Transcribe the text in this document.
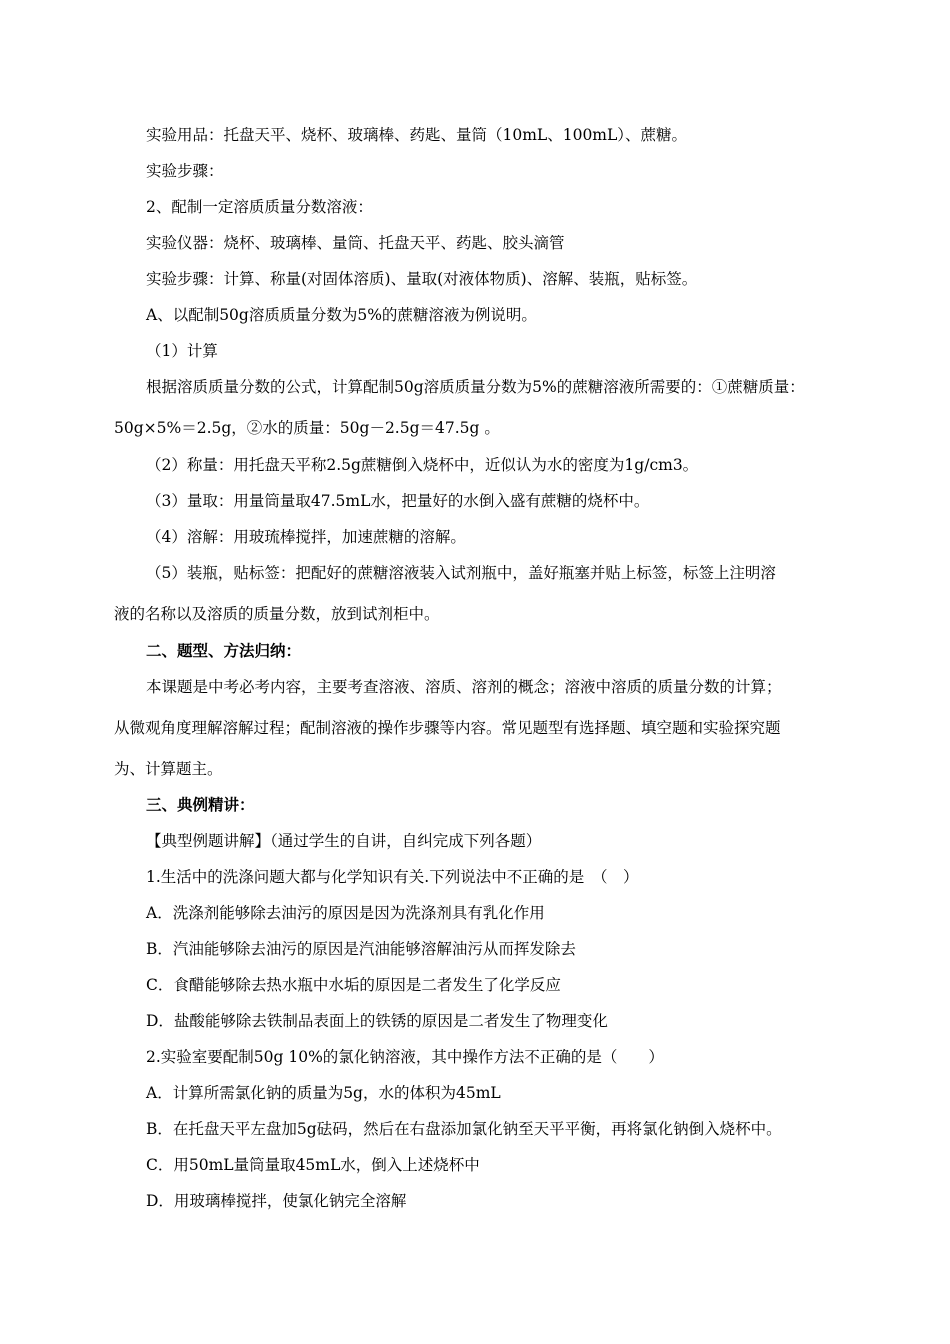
实验用品：托盘天平、烧杯、玻璃棒、药匙、量筒（10mL、100mL）、蔗糖。
实验步骤：
2、配制一定溶质质量分数溶液：
实验仪器：烧杯、玻璃棒、量筒、托盘天平、药匙、胶头滴管
实验步骤：计算、称量(对固体溶质)、量取(对液体物质)、溶解、装瓶，贴标签。
A、以配制50g溶质质量分数为5%的蔗糖溶液为例说明。
（1）计算
根据溶质质量分数的公式，计算配制50g溶质质量分数为5%的蔗糖溶液所需要的：①蔗糖质量：
50g×5%＝2.5g，②水的质量：50g－2.5g＝47.5g 。
（2）称量：用托盘天平称2.5g蔗糖倒入烧杯中，近似认为水的密度为1g/cm3。
（3）量取：用量筒量取47.5mL水，把量好的水倒入盛有蔗糖的烧杯中。
（4）溶解：用玻琉棒搅拌，加速蔗糖的溶解。
（5）装瓶，贴标签：把配好的蔗糖溶液装入试剂瓶中，盖好瓶塞并贴上标签，标签上注明溶
液的名称以及溶质的质量分数，放到试剂柜中。
二、题型、方法归纳：
本课题是中考必考内容，主要考查溶液、溶质、溶剂的概念；溶液中溶质的质量分数的计算；
从微观角度理解溶解过程；配制溶液的操作步骤等内容。常见题型有选择题、填空题和实验探究题
为、计算题主。
三、典例精讲：
【典型例题讲解】（通过学生的自讲，自纠完成下列各题）
1.生活中的洗涤问题大都与化学知识有关.下列说法中不正确的是　（　）
A．洗涤剂能够除去油污的原因是因为洗涤剂具有乳化作用
B．汽油能够除去油污的原因是汽油能够溶解油污从而挥发除去
C．食醋能够除去热水瓶中水垢的原因是二者发生了化学反应
D．盐酸能够除去铁制品表面上的铁锈的原因是二者发生了物理变化
2.实验室要配制50g 10%的氯化钠溶液，其中操作方法不正确的是（　　）
A．计算所需氯化钠的质量为5g，水的体积为45mL
B．在托盘天平左盘加5g砝码，然后在右盘添加氯化钠至天平平衡，再将氯化钠倒入烧杯中。
C．用50mL量筒量取45mL水，倒入上述烧杯中
D．用玻璃棒搅拌，使氯化钠完全溶解
